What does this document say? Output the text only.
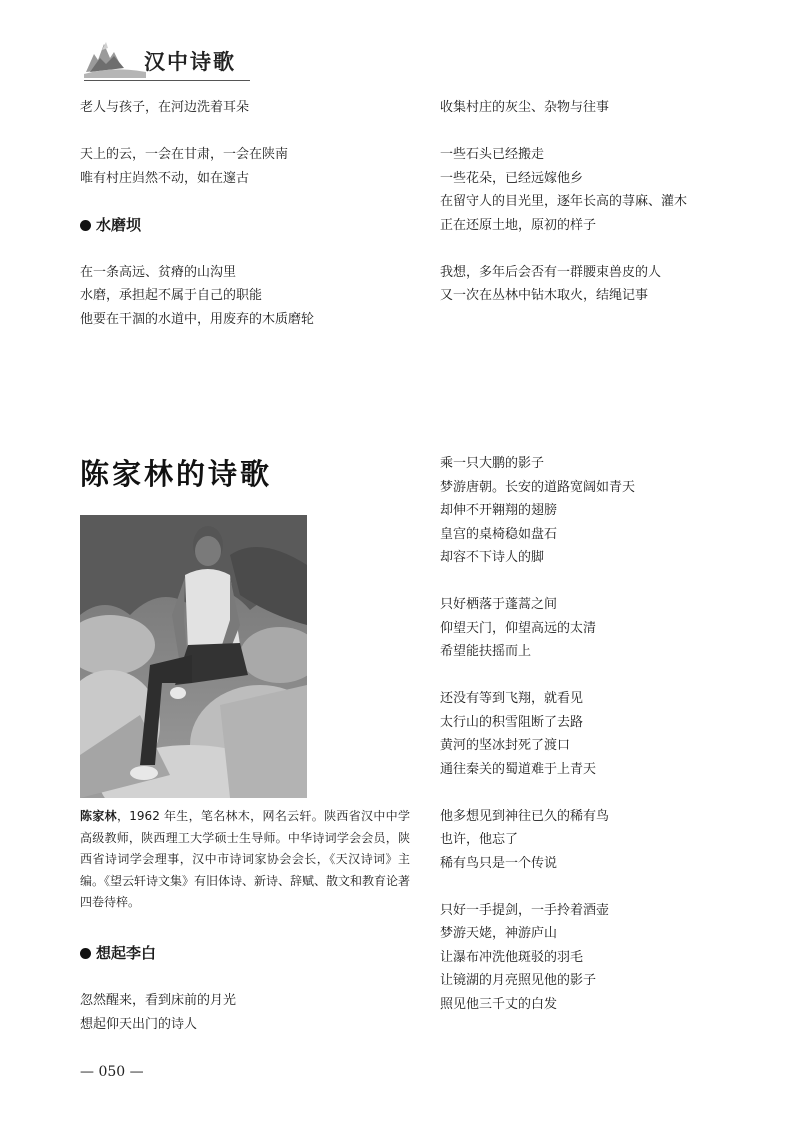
汉中诗歌

老人与孩子，在河边洗着耳朵

天上的云，一会在甘肃，一会在陕南

唯有村庄岿然不动，如在邃古

水磨坝

在一条高远、贫瘠的山沟里

水磨，承担起不属于自己的职能

他要在干涸的水道中，用废弃的木质磨轮

收集村庄的灰尘、杂物与往事

一些石头已经搬走

一些花朵，已经远嫁他乡

在留守人的目光里，逐年长高的荨麻、灌木

正在还原土地，原初的样子

我想，多年后会否有一群腰束兽皮的人

又一次在丛林中钻木取火，结绳记事

陈家林的诗歌
陈家林，1962 年生，笔名林木，网名云轩。陕西省汉中中学高级教师，陕西理工大学硕士生导师。中华诗词学会会员，陕西省诗词学会理事，汉中市诗词家协会会长，《天汉诗词》主编。《望云轩诗文集》有旧体诗、新诗、辞赋、散文和教育论著四卷待梓。

想起李白

忽然醒来，看到床前的月光

想起仰天出门的诗人

乘一只大鹏的影子

梦游唐朝。长安的道路宽阔如青天

却伸不开翱翔的翅膀

皇宫的桌椅稳如盘石

却容不下诗人的脚

只好栖落于蓬蒿之间

仰望天门，仰望高远的太清

希望能扶摇而上

还没有等到飞翔，就看见

太行山的积雪阻断了去路

黄河的坚冰封死了渡口

通往秦关的蜀道难于上青天

他多想见到神往已久的稀有鸟

也许，他忘了

稀有鸟只是一个传说

只好一手提剑，一手拎着酒壶

梦游天姥，神游庐山

让瀑布冲洗他斑驳的羽毛

让镜湖的月亮照见他的影子

照见他三千丈的白发

— 050 —
